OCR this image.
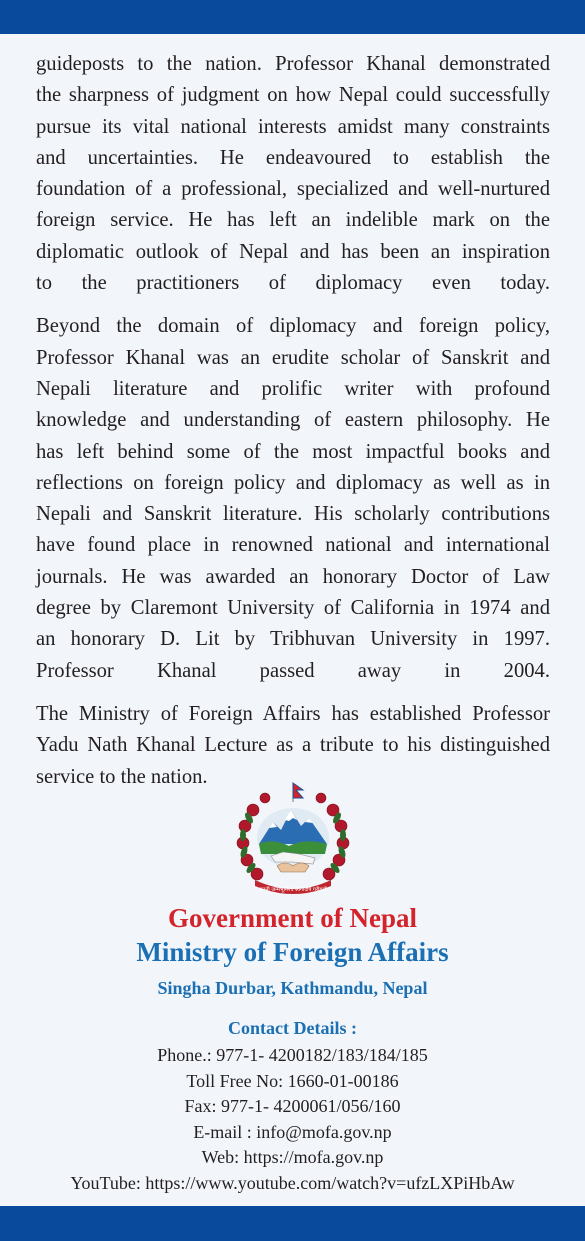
guideposts to the nation. Professor Khanal demonstrated
the sharpness of judgment on how Nepal could successfully
pursue its vital national interests amidst many constraints
and uncertainties. He endeavoured to establish the
foundation of a professional, specialized and well-nurtured
foreign service. He has left an indelible mark on the
diplomatic outlook of Nepal and has been an inspiration
to the practitioners of diplomacy even today.

Beyond the domain of diplomacy and foreign policy,
Professor Khanal was an erudite scholar of Sanskrit and
Nepali literature and prolific writer with profound
knowledge and understanding of eastern philosophy. He
has left behind some of the most impactful books and
reflections on foreign policy and diplomacy as well as in
Nepali and Sanskrit literature. His scholarly contributions
have found place in renowned national and international
journals. He was awarded an honorary Doctor of Law
degree by Claremont University of California in 1974 and
an honorary D. Lit by Tribhuvan University in 1997.
Professor Khanal passed away in 2004.

The Ministry of Foreign Affairs has established Professor
Yadu Nath Khanal Lecture as a tribute to his distinguished
service to the nation.

जननी जन्मभूमिश्च स्वर्गादपि गरीयसी
Government of Nepal
Ministry of Foreign Affairs
Singha Durbar, Kathmandu, Nepal
Contact Details :
Phone.: 977-1- 4200182/183/184/185
Toll Free No: 1660-01-00186
Fax: 977-1- 4200061/056/160
E-mail : info@mofa.gov.np
Web: https://mofa.gov.np
YouTube: https://www.youtube.com/watch?v=ufzLXPiHbAw
